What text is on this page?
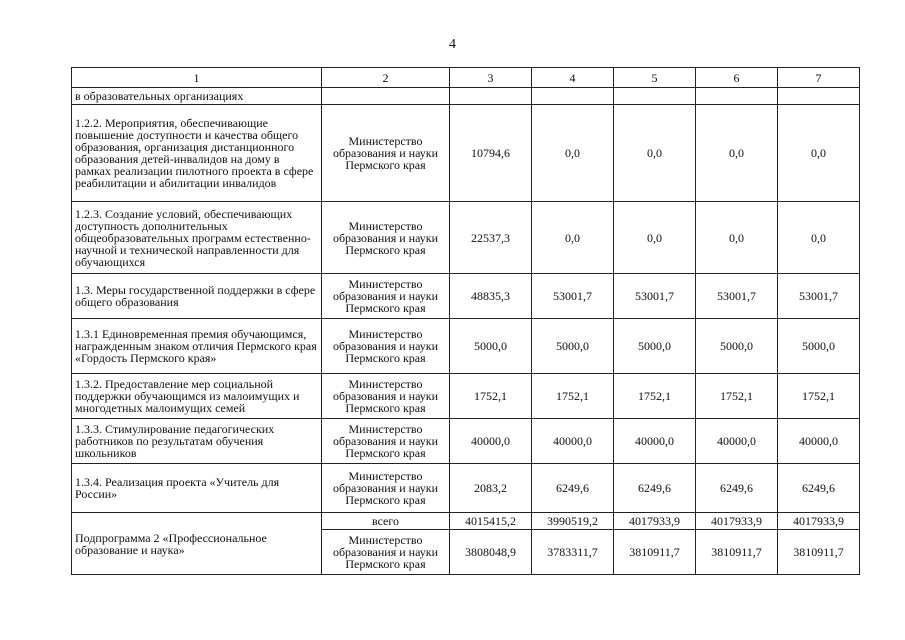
4
1	2	3	4	5	6	7
в образовательных организациях						
1.2.2. Мероприятия, обеспечивающие повышение доступности и качества общего образования, организация дистанционного образования детей-инвалидов на дому в рамках реализации пилотного проекта в сфере реабилитации и абилитации инвалидов	Министерство образования и науки Пермского края	10794,6	0,0	0,0	0,0	0,0
1.2.3. Создание условий, обеспечивающих доступность дополнительных общеобразовательных программ естественно-научной и технической направленности для обучающихся	Министерство образования и науки Пермского края	22537,3	0,0	0,0	0,0	0,0
1.3. Меры государственной поддержки в сфере общего образования	Министерство образования и науки Пермского края	48835,3	53001,7	53001,7	53001,7	53001,7
1.3.1 Единовременная премия обучающимся, награжденным знаком отличия Пермского края «Гордость Пермского края»	Министерство образования и науки Пермского края	5000,0	5000,0	5000,0	5000,0	5000,0
1.3.2. Предоставление мер социальной поддержки обучающимся из малоимущих и многодетных малоимущих семей	Министерство образования и науки Пермского края	1752,1	1752,1	1752,1	1752,1	1752,1
1.3.3. Стимулирование педагогических работников по результатам обучения школьников	Министерство образования и науки Пермского края	40000,0	40000,0	40000,0	40000,0	40000,0
1.3.4. Реализация проекта «Учитель для России»	Министерство образования и науки Пермского края	2083,2	6249,6	6249,6	6249,6	6249,6
Подпрограмма 2 «Профессиональное образование и наука»	всего	4015415,2	3990519,2	4017933,9	4017933,9	4017933,9
	Министерство образования и науки Пермского края	3808048,9	3783311,7	3810911,7	3810911,7	3810911,7
